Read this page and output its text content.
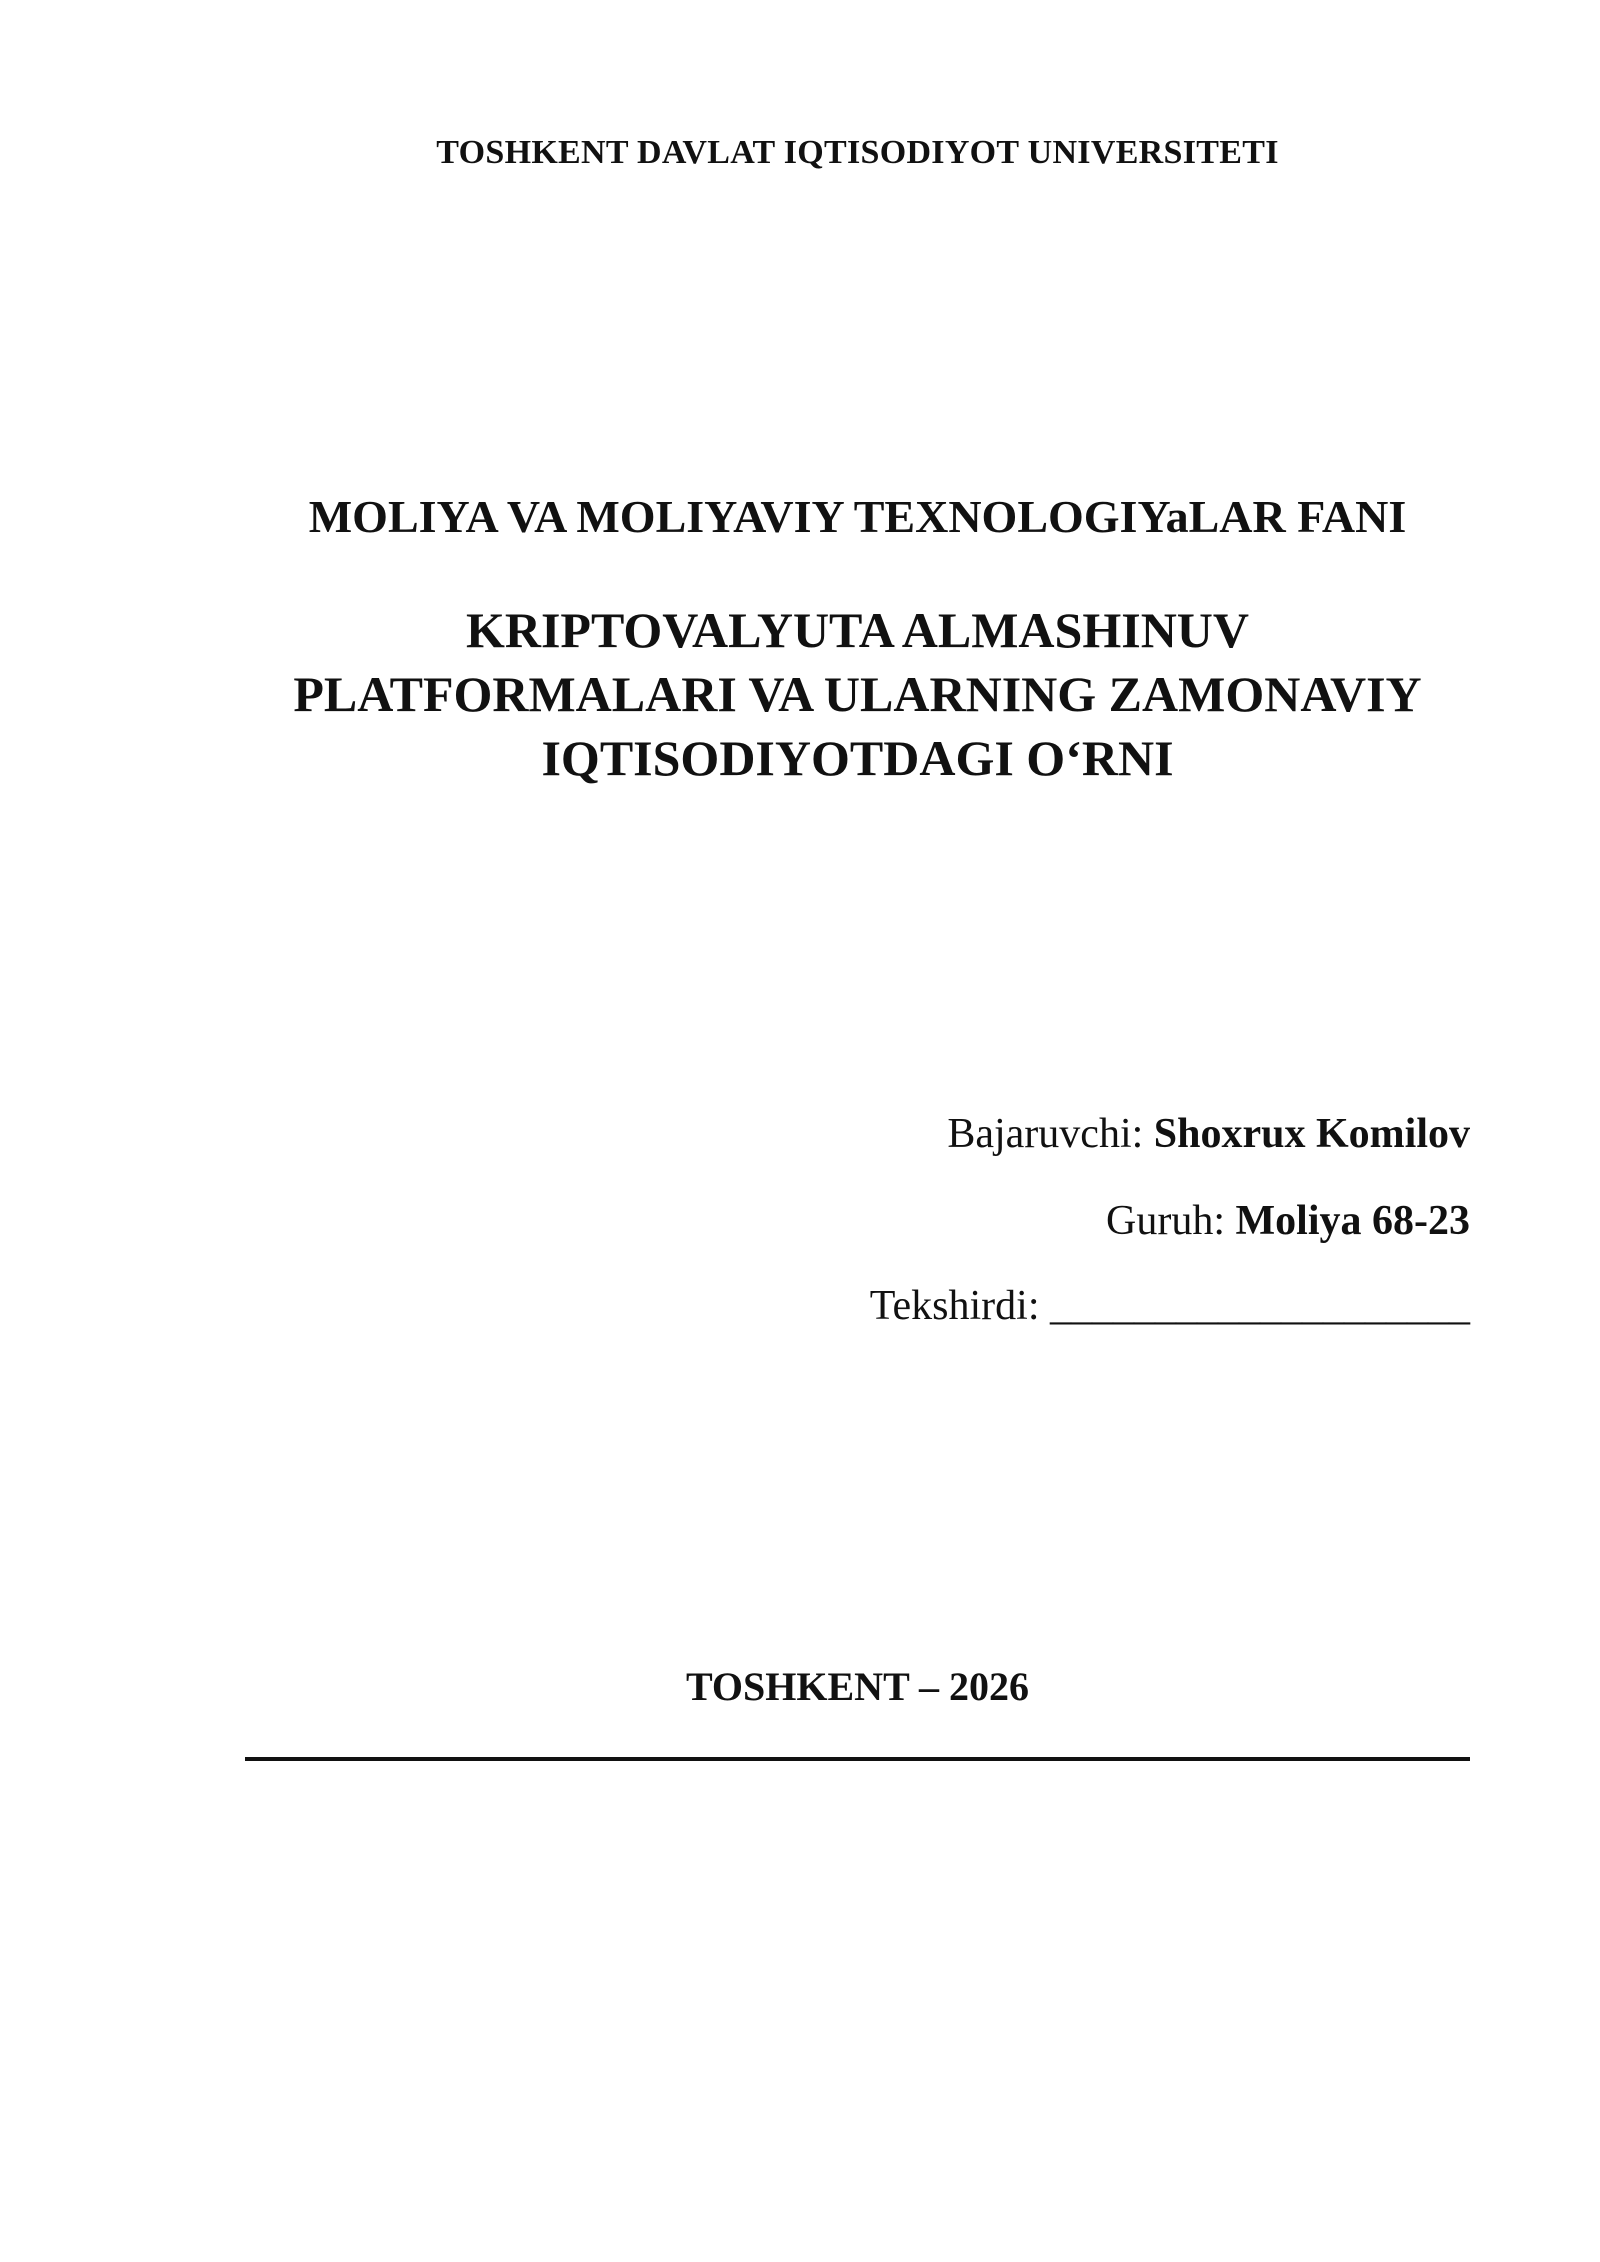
TOSHKENT DAVLAT IQTISODIYOT UNIVERSITETI
MOLIYA VA MOLIYAVIY TEXNOLOGIYaLAR FANI
KRIPTOVALYUTA ALMASHINUV
PLATFORMALARI VA ULARNING ZAMONAVIY
IQTISODIYOTDAGI O‘RNI
Bajaruvchi: Shoxrux Komilov
Guruh: Moliya 68-23
Tekshirdi: ____________________
TOSHKENT – 2026
